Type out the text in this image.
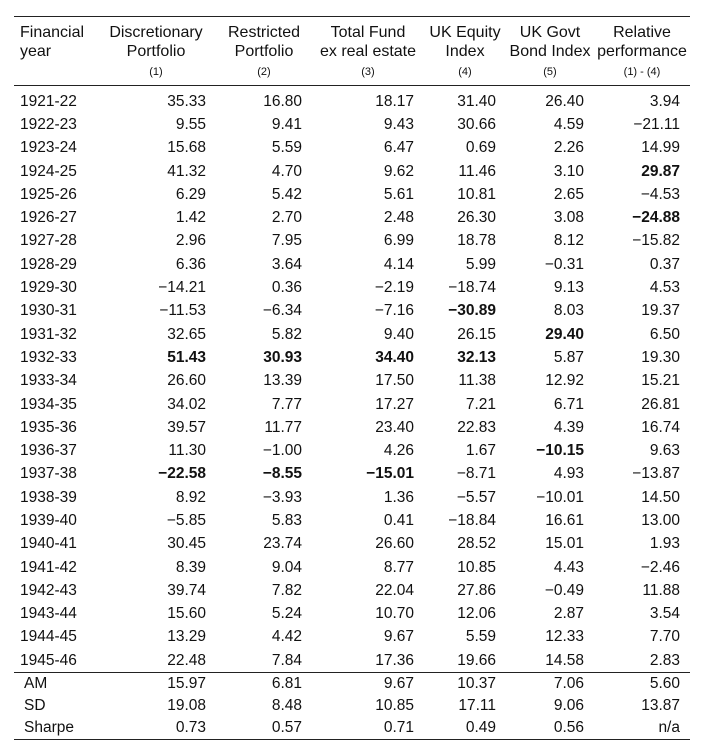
Financial	Discretionary	Restricted	Total Fund	UK Equity	UK Govt	Relative
year	Portfolio	Portfolio	ex real estate	Index	Bond Index	performance
	(1)	(2)	(3)	(4)	(5)	(1) - (4)
1921-22	35.33	16.80	18.17	31.40	26.40	3.94
1922-23	9.55	9.41	9.43	30.66	4.59	−21.11
1923-24	15.68	5.59	6.47	0.69	2.26	14.99
1924-25	41.32	4.70	9.62	11.46	3.10	29.87
1925-26	6.29	5.42	5.61	10.81	2.65	−4.53
1926-27	1.42	2.70	2.48	26.30	3.08	−24.88
1927-28	2.96	7.95	6.99	18.78	8.12	−15.82
1928-29	6.36	3.64	4.14	5.99	−0.31	0.37
1929-30	−14.21	0.36	−2.19	−18.74	9.13	4.53
1930-31	−11.53	−6.34	−7.16	−30.89	8.03	19.37
1931-32	32.65	5.82	9.40	26.15	29.40	6.50
1932-33	51.43	30.93	34.40	32.13	5.87	19.30
1933-34	26.60	13.39	17.50	11.38	12.92	15.21
1934-35	34.02	7.77	17.27	7.21	6.71	26.81
1935-36	39.57	11.77	23.40	22.83	4.39	16.74
1936-37	11.30	−1.00	4.26	1.67	−10.15	9.63
1937-38	−22.58	−8.55	−15.01	−8.71	4.93	−13.87
1938-39	8.92	−3.93	1.36	−5.57	−10.01	14.50
1939-40	−5.85	5.83	0.41	−18.84	16.61	13.00
1940-41	30.45	23.74	26.60	28.52	15.01	1.93
1941-42	8.39	9.04	8.77	10.85	4.43	−2.46
1942-43	39.74	7.82	22.04	27.86	−0.49	11.88
1943-44	15.60	5.24	10.70	12.06	2.87	3.54
1944-45	13.29	4.42	9.67	5.59	12.33	7.70
1945-46	22.48	7.84	17.36	19.66	14.58	2.83
AM	15.97	6.81	9.67	10.37	7.06	5.60
SD	19.08	8.48	10.85	17.11	9.06	13.87
Sharpe	0.73	0.57	0.71	0.49	0.56	n/a
